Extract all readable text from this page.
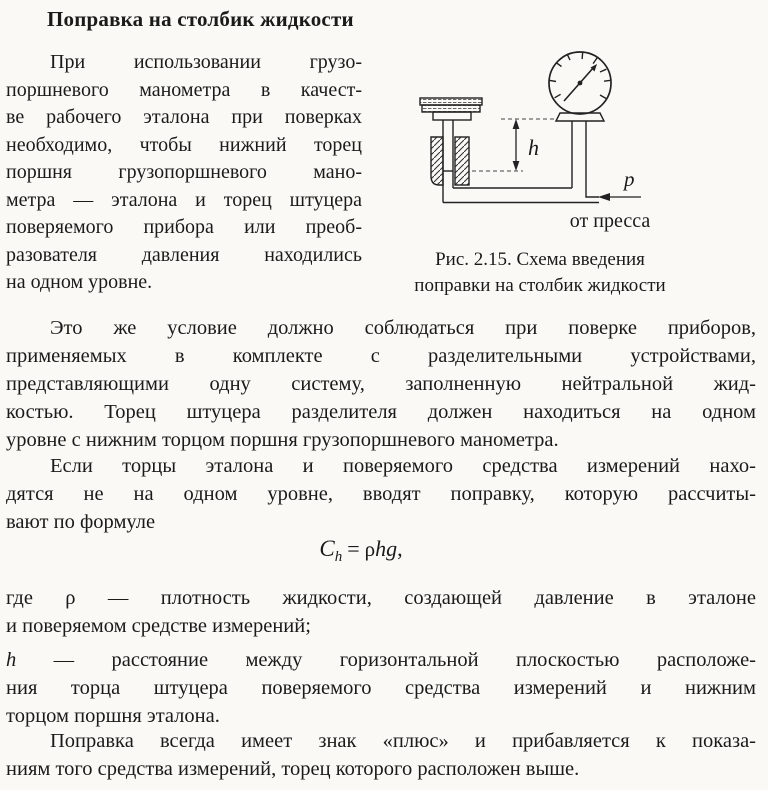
Поправка на столбик жидкости
При использовании грузо-
поршневого манометра в качест-
ве рабочего эталона при поверках
необходимо, чтобы нижний торец
поршня грузопоршневого мано-
метра — эталона и торец штуцера
поверяемого прибора или преоб-
разователя давления находились
на одном уровне.
h
p
от пресса
Рис. 2.15. Схема введения
поправки на столбик жидкости
Это же условие должно соблюдаться при поверке приборов,
применяемых в комплекте с разделительными устройствами,
представляющими одну систему, заполненную нейтральной жид-
костью. Торец штуцера разделителя должен находиться на одном
уровне с нижним торцом поршня грузопоршневого манометра.
Если торцы эталона и поверяемого средства измерений нахо-
дятся не на одном уровне, вводят поправку, которую рассчиты-
вают по формуле
$C_h = \rho hg$,
где ρ — плотность жидкости, создающей давление в эталоне
и поверяемом средстве измерений;
h — расстояние между горизонтальной плоскостью расположе-
ния торца штуцера поверяемого средства измерений и нижним
торцом поршня эталона.
Поправка всегда имеет знак «плюс» и прибавляется к показа-
ниям того средства измерений, торец которого расположен выше.
